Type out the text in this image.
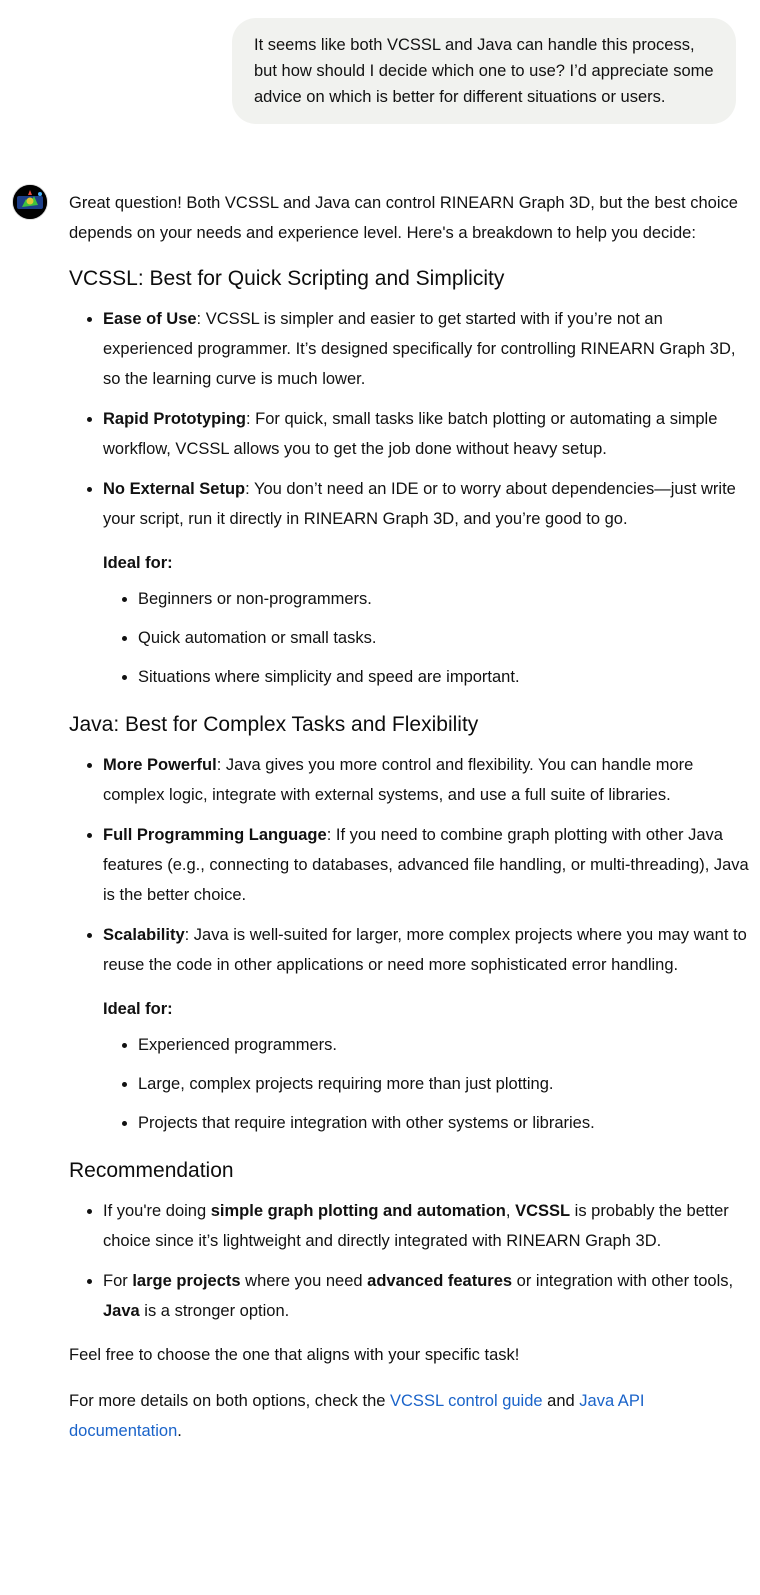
It seems like both VCSSL and Java can handle this process, but how should I decide which one to use? I’d appreciate some advice on which is better for different situations or users.

Great question! Both VCSSL and Java can control RINEARN Graph 3D, but the best choice depends on your needs and experience level. Here's a breakdown to help you decide:

VCSSL: Best for Quick Scripting and Simplicity
• Ease of Use: VCSSL is simpler and easier to get started with if you’re not an experienced programmer. It’s designed specifically for controlling RINEARN Graph 3D, so the learning curve is much lower.
• Rapid Prototyping: For quick, small tasks like batch plotting or automating a simple workflow, VCSSL allows you to get the job done without heavy setup.
• No External Setup: You don’t need an IDE or to worry about dependencies—just write your script, run it directly in RINEARN Graph 3D, and you’re good to go.

Ideal for:

• Beginners or non-programmers.
• Quick automation or small tasks.
• Situations where simplicity and speed are important.
Java: Best for Complex Tasks and Flexibility
• More Powerful: Java gives you more control and flexibility. You can handle more complex logic, integrate with external systems, and use a full suite of libraries.
• Full Programming Language: If you need to combine graph plotting with other Java features (e.g., connecting to databases, advanced file handling, or multi-threading), Java is the better choice.
• Scalability: Java is well-suited for larger, more complex projects where you may want to reuse the code in other applications or need more sophisticated error handling.

Ideal for:

• Experienced programmers.
• Large, complex projects requiring more than just plotting.
• Projects that require integration with other systems or libraries.
Recommendation
• If you're doing simple graph plotting and automation, VCSSL is probably the better choice since it’s lightweight and directly integrated with RINEARN Graph 3D.
• For large projects where you need advanced features or integration with other tools, Java is a stronger option.

Feel free to choose the one that aligns with your specific task!

For more details on both options, check the VCSSL control guide and Java API documentation.
